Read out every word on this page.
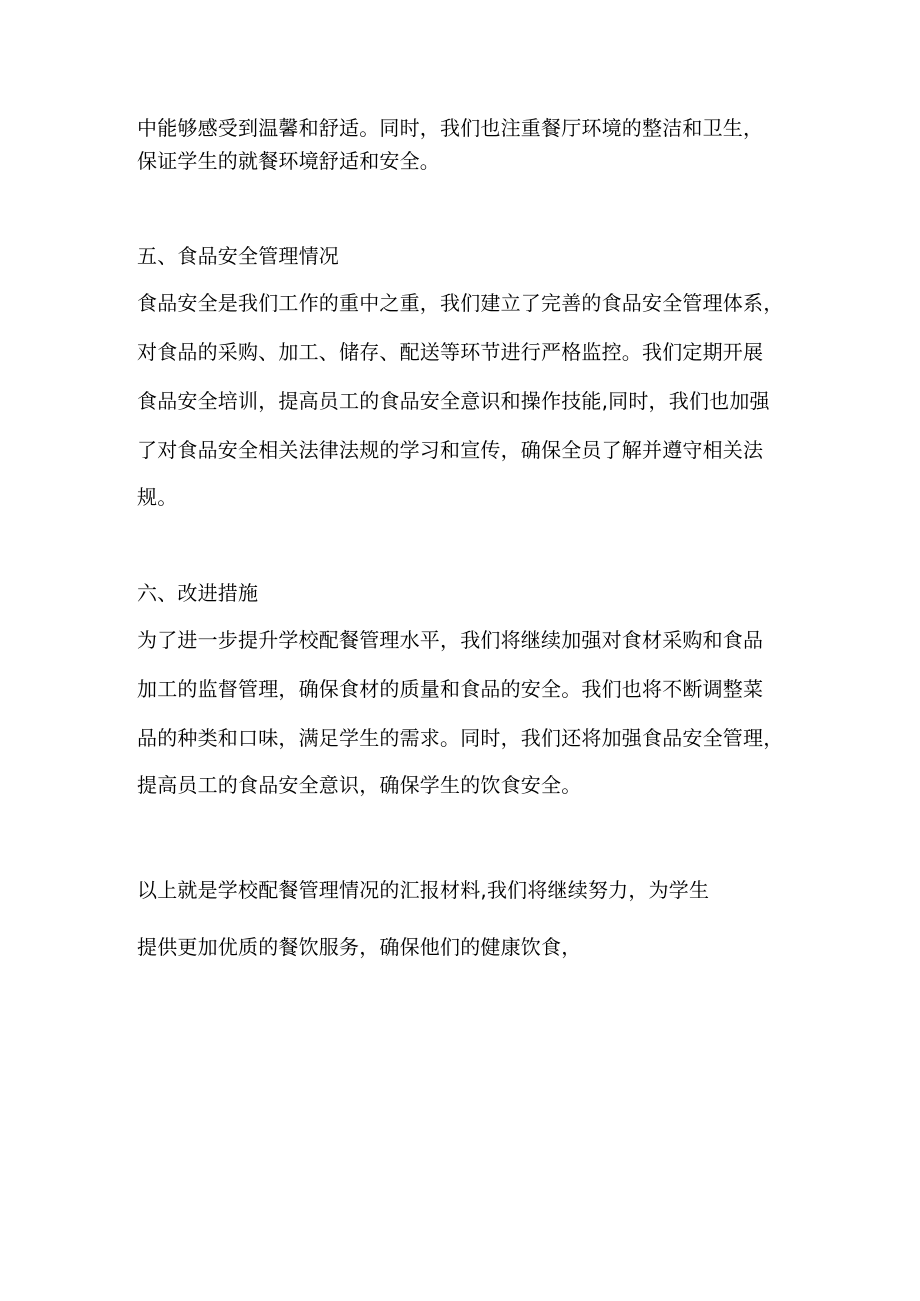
中能够感受到温馨和舒适。同时，我们也注重餐厅环境的整洁和卫生，
保证学生的就餐环境舒适和安全。
五、食品安全管理情况
食品安全是我们工作的重中之重，我们建立了完善的食品安全管理体系，
对食品的采购、加工、储存、配送等环节进行严格监控。我们定期开展
食品安全培训，提高员工的食品安全意识和操作技能,同时，我们也加强
了对食品安全相关法律法规的学习和宣传，确保全员了解并遵守相关法
规。
六、改进措施
为了进一步提升学校配餐管理水平，我们将继续加强对食材采购和食品
加工的监督管理，确保食材的质量和食品的安全。我们也将不断调整菜
品的种类和口味，满足学生的需求。同时，我们还将加强食品安全管理，
提高员工的食品安全意识，确保学生的饮食安全。
以上就是学校配餐管理情况的汇报材料,我们将继续努力，为学生
提供更加优质的餐饮服务，确保他们的健康饮食，
